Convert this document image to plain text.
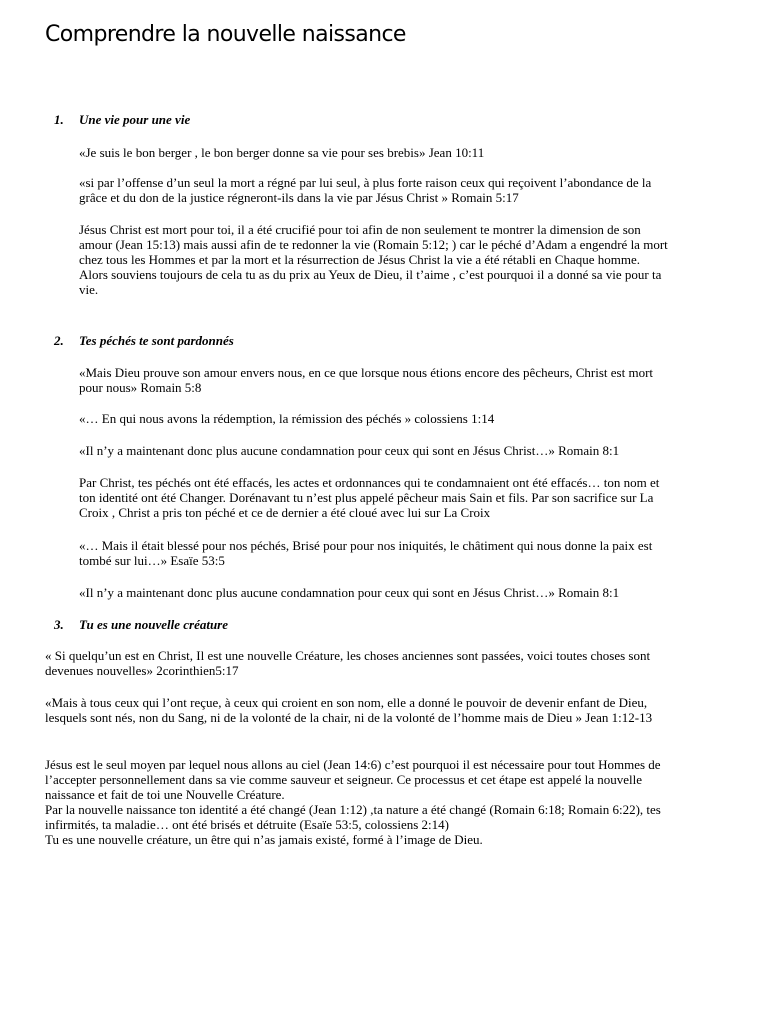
Comprendre la nouvelle naissance

1. Une vie pour une vie

«Je suis le bon berger , le bon berger donne sa vie pour ses brebis» Jean 10:11

«si par l’offense d’un seul la mort a régné par lui seul, à plus forte raison ceux qui reçoivent l’abondance de la grâce et du don de la justice régneront-ils dans la vie par Jésus Christ » Romain 5:17

Jésus Christ est mort pour toi, il a été crucifié pour toi afin de non seulement te montrer la dimension de son amour (Jean 15:13) mais aussi afin de te redonner la vie (Romain 5:12; ) car le péché d’Adam a engendré la mort chez tous les Hommes et par la mort et la résurrection de Jésus Christ la vie a été rétabli en Chaque homme.
Alors souviens toujours de cela tu as du prix au Yeux de Dieu, il t’aime , c’est pourquoi il a donné sa vie pour ta vie.

2. Tes péchés te sont pardonnés

«Mais Dieu prouve son amour envers nous, en ce que lorsque nous étions encore des pêcheurs, Christ est mort pour nous» Romain 5:8

«… En qui nous avons la rédemption, la rémission des péchés » colossiens 1:14

«Il n’y a maintenant donc plus aucune condamnation pour ceux qui sont en Jésus Christ…» Romain 8:1

Par Christ, tes péchés ont été effacés, les actes et ordonnances qui te condamnaient ont été effacés… ton nom et ton identité ont été Changer. Dorénavant tu n’est plus appelé pêcheur mais Sain et fils. Par son sacrifice sur La Croix , Christ a pris ton péché et ce de dernier a été cloué avec lui sur La Croix

«… Mais il était blessé pour nos péchés, Brisé pour pour nos iniquités, le châtiment qui nous donne la paix est tombé sur lui…» Esaïe 53:5

«Il n’y a maintenant donc plus aucune condamnation pour ceux qui sont en Jésus Christ…» Romain 8:1

3. Tu es une nouvelle créature

« Si quelqu’un est en Christ, Il est une nouvelle Créature, les choses anciennes sont passées, voici toutes choses sont devenues nouvelles» 2corinthien5:17

«Mais à tous ceux qui l’ont reçue, à ceux qui croient en son nom, elle a donné le pouvoir de devenir enfant de Dieu, lesquels sont nés, non du Sang, ni de la volonté de la chair, ni de la volonté de l’homme mais de Dieu » Jean 1:12-13

Jésus est le seul moyen par lequel nous allons au ciel (Jean 14:6) c’est pourquoi il est nécessaire pour tout Hommes de l’accepter personnellement dans sa vie comme sauveur et seigneur. Ce processus et cet étape est appelé la nouvelle naissance et fait de toi une Nouvelle Créature.
Par la nouvelle naissance ton identité a été changé (Jean 1:12) ,ta nature a été changé (Romain 6:18; Romain 6:22), tes infirmités, ta maladie… ont été brisés et détruite (Esaïe 53:5, colossiens 2:14)
Tu es une nouvelle créature, un être qui n’as jamais existé, formé à l’image de Dieu.
